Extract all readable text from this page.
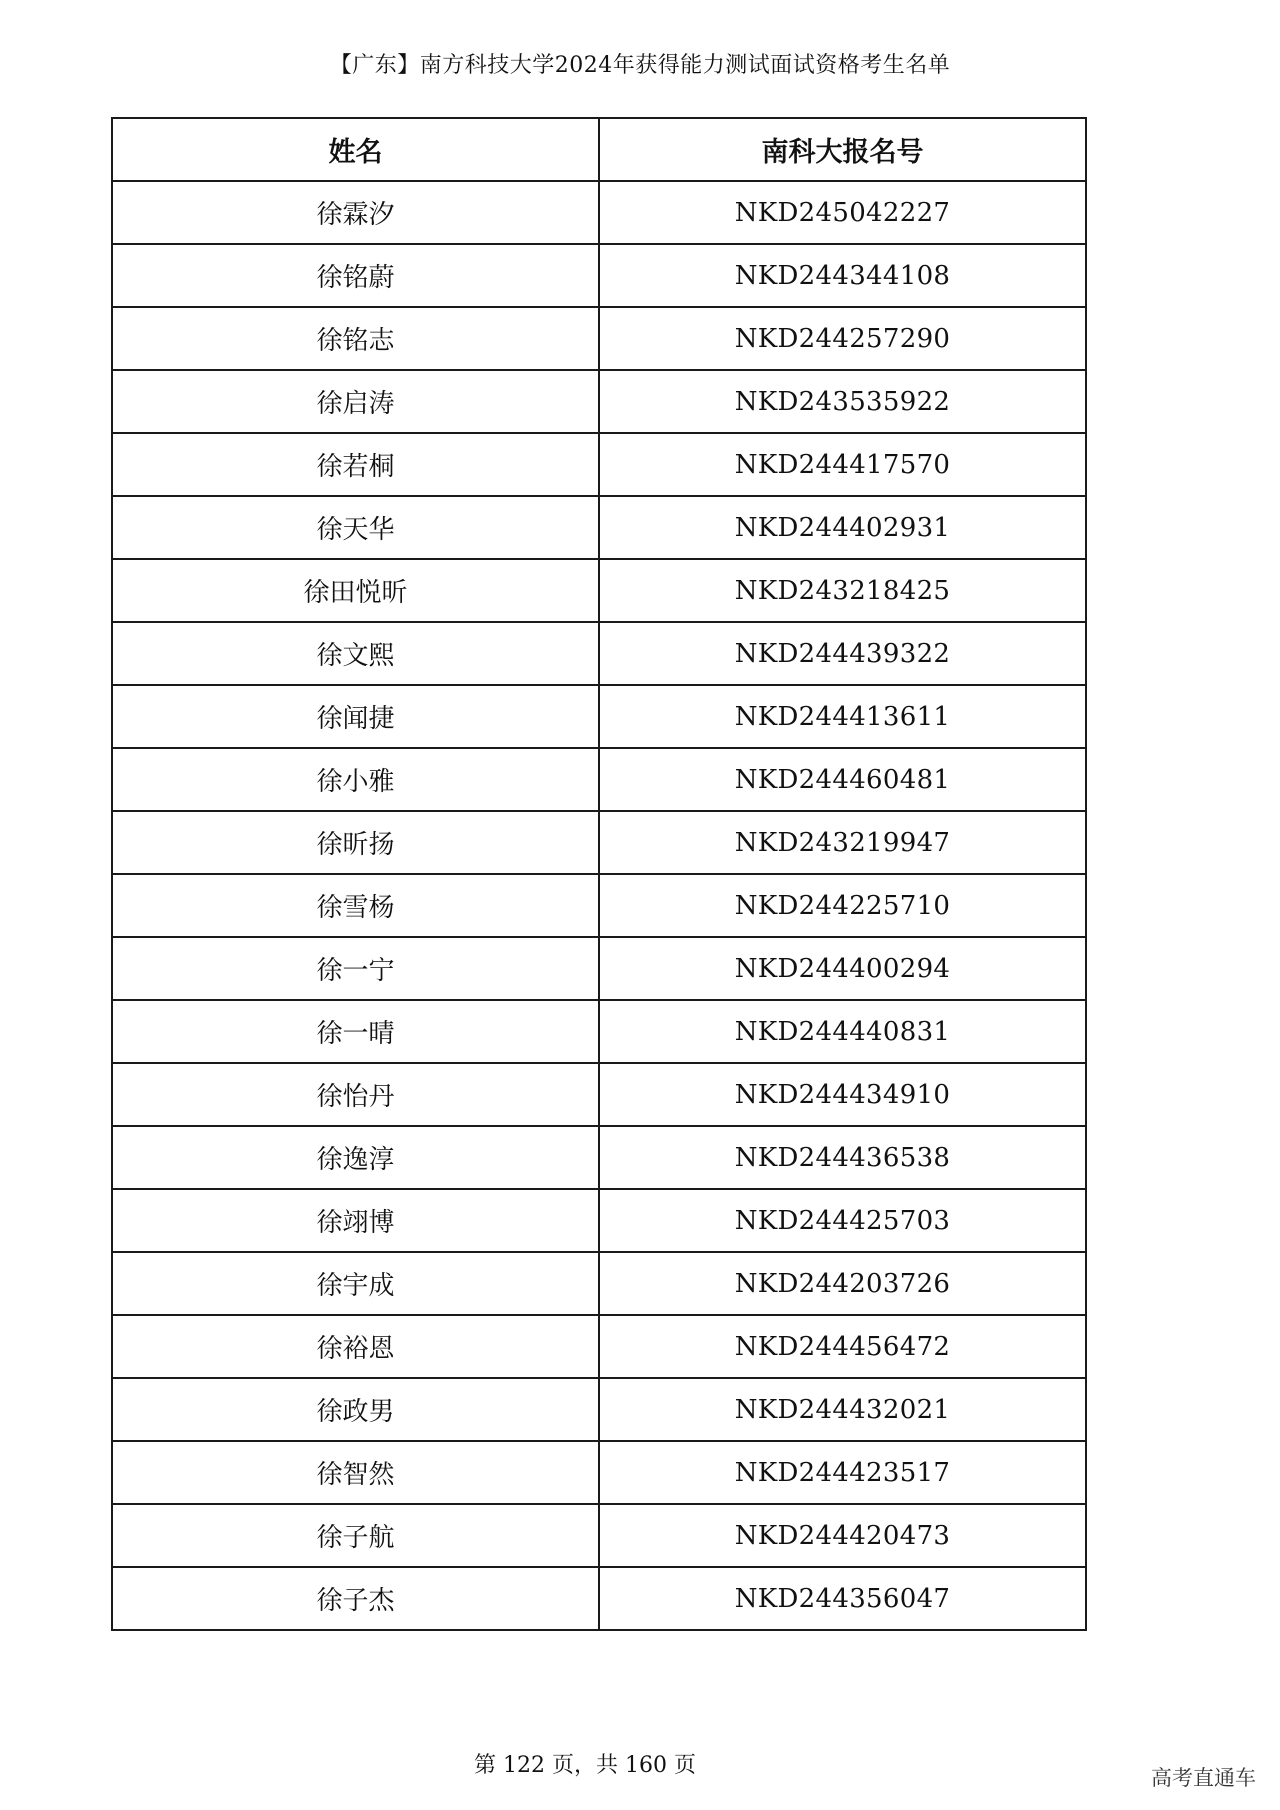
【广东】南方科技大学2024年获得能力测试面试资格考生名单
姓名	南科大报名号
徐霖汐	NKD245042227
徐铭蔚	NKD244344108
徐铭志	NKD244257290
徐启涛	NKD243535922
徐若桐	NKD244417570
徐天华	NKD244402931
徐田悦昕	NKD243218425
徐文熙	NKD244439322
徐闻捷	NKD244413611
徐小雅	NKD244460481
徐昕扬	NKD243219947
徐雪杨	NKD244225710
徐一宁	NKD244400294
徐一晴	NKD244440831
徐怡丹	NKD244434910
徐逸淳	NKD244436538
徐翊博	NKD244425703
徐宇成	NKD244203726
徐裕恩	NKD244456472
徐政男	NKD244432021
徐智然	NKD244423517
徐子航	NKD244420473
徐子杰	NKD244356047
第 122 页，共 160 页	高考直通车
